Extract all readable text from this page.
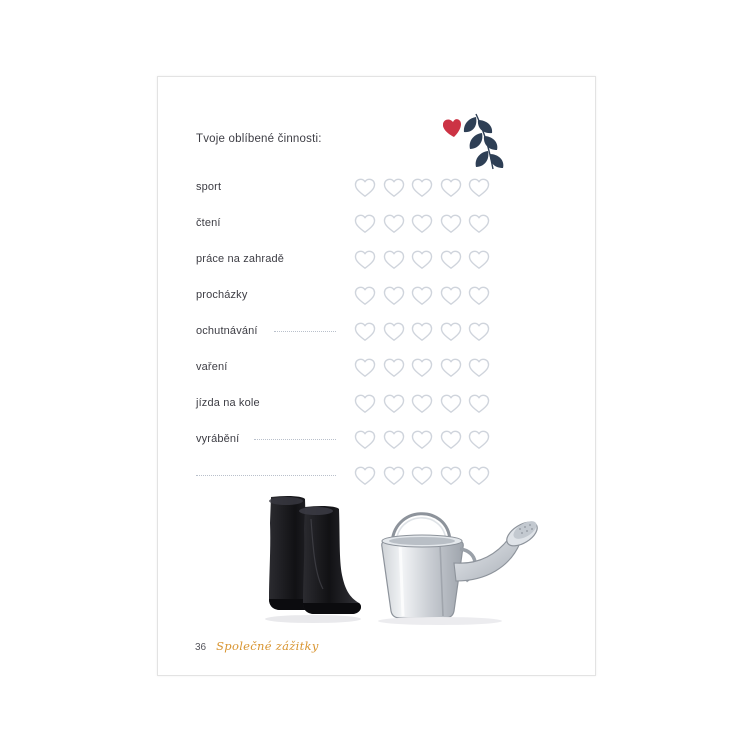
Tvoje oblíbené činnosti:
sport
čtení
práce na zahradě
procházky
ochutnávání
vaření
jízda na kole
vyrábění
36 Společné zážitky
